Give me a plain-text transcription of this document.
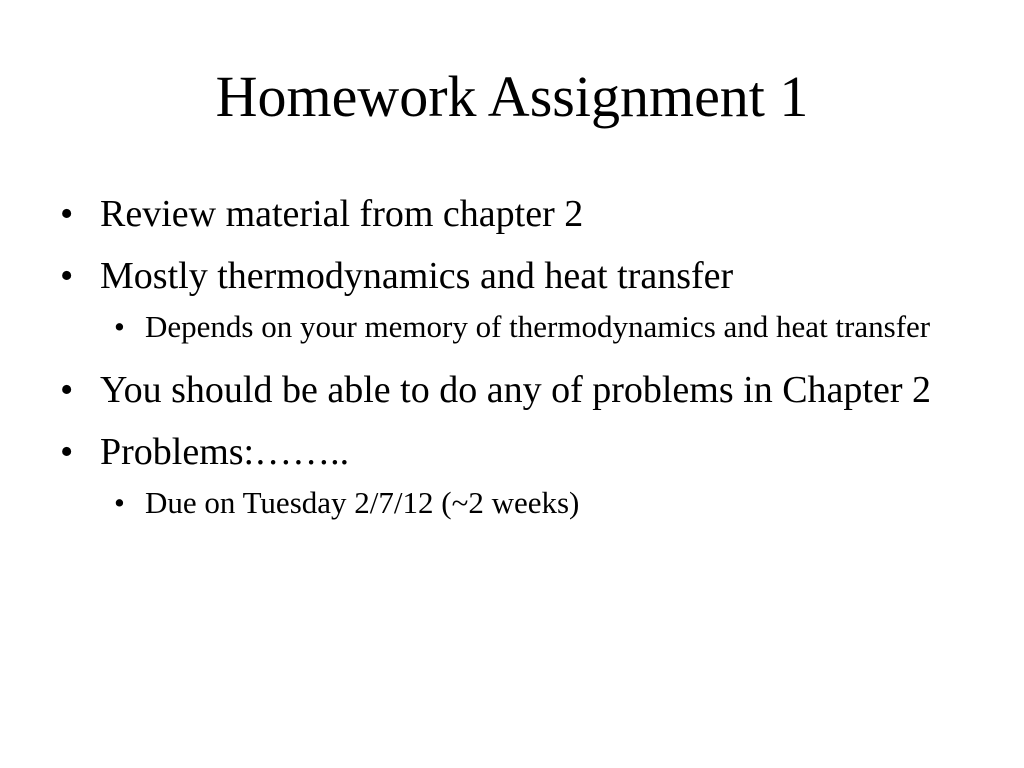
Homework Assignment 1
• Review material from chapter 2
• Mostly thermodynamics and heat transfer
• Depends on your memory of thermodynamics and heat transfer
• You should be able to do any of problems in Chapter 2
• Problems:……..
• Due on Tuesday 2/7/12 (~2 weeks)
